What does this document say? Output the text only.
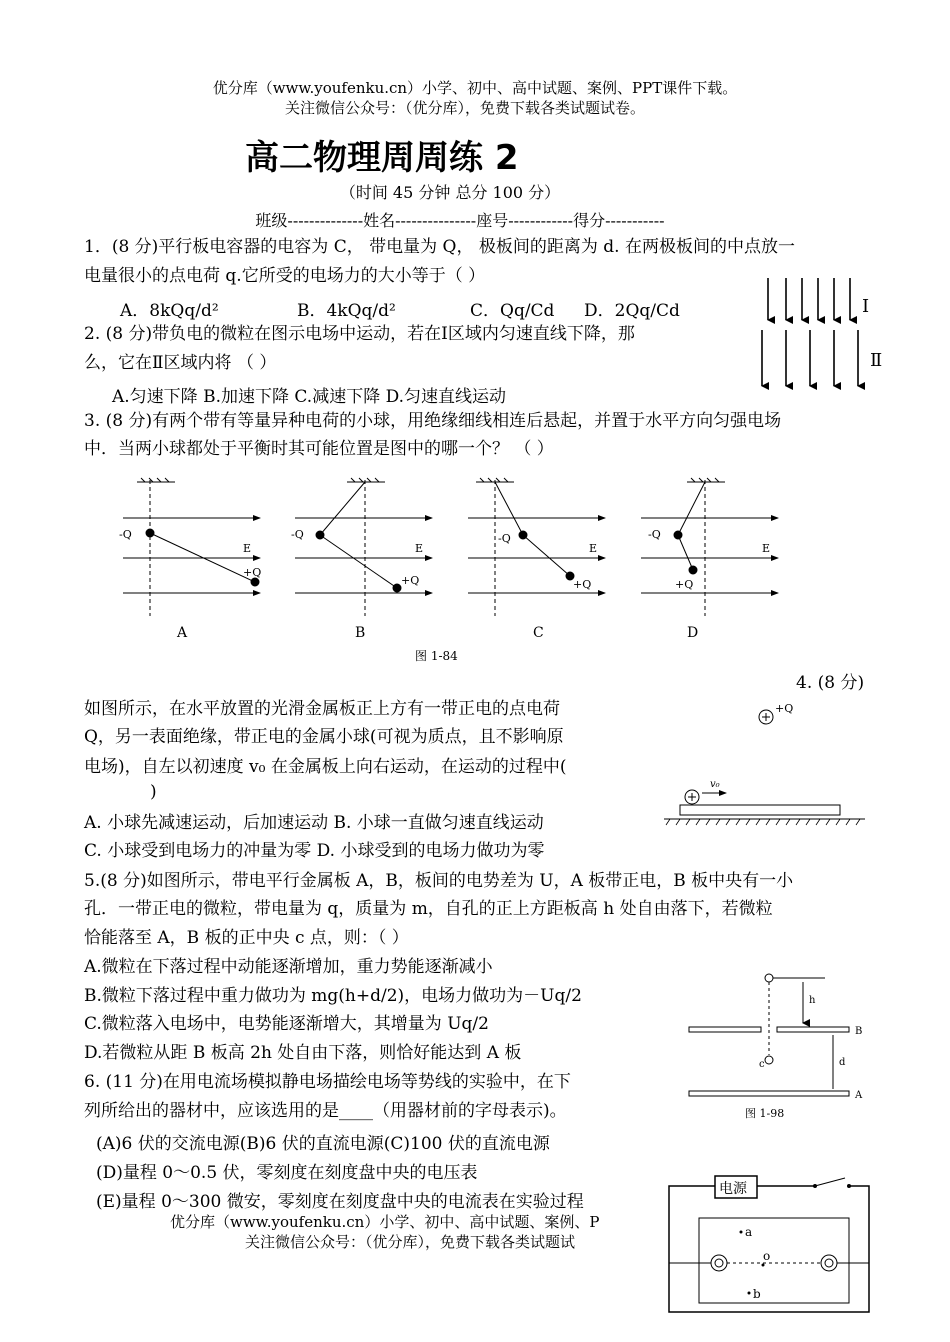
优分库（www.youfenku.cn）小学、初中、高中试题、案例、PPT课件下载。
关注微信公众号：（优分库），免费下载各类试题试卷。
高二物理周周练 2
（时间 45 分钟 总分 100 分）
班级--------------姓名---------------座号------------得分-----------
1．(8 分)平行板电容器的电容为 C， 带电量为 Q， 极板间的距离为 d. 在两极板间的中点放一
电量很小的点电荷 q.它所受的电场力的大小等于（ ）
A．8kQq/d²	B．4kQq/d²	C．Qq/Cd D．2Qq/Cd	Ⅰ
Ⅱ
2. (8 分)带负电的微粒在图示电场中运动，若在Ⅰ区域内匀速直线下降，那
么，它在Ⅱ区域内将 （ ）
A.匀速下降 B.加速下降 C.减速下降 D.匀速直线运动
3. (8 分)有两个带有等量异种电荷的小球，用绝缘细线相连后悬起，并置于水平方向匀强电场
中．当两小球都处于平衡时其可能位置是图中的哪一个？ （ ）
-Q
E
+Q
-Q
E
+Q
-Q
E
+Q
-Q
E
+Q
A	B	C	D
图 1-84
4. (8 分)
如图所示，在水平放置的光滑金属板正上方有一带正电的点电荷
Q，另一表面绝缘，带正电的金属小球(可视为质点，且不影响原
电场)，自左以初速度 v₀ 在金属板上向右运动，在运动的过程中(
)
A. 小球先减速运动，后加速运动 B. 小球一直做匀速直线运动
C. 小球受到电场力的冲量为零 D. 小球受到的电场力做功为零
+Q
v₀
5.(8 分)如图所示，带电平行金属板 A，B，板间的电势差为 U，A 板带正电，B 板中央有一小
孔．一带正电的微粒，带电量为 q，质量为 m，自孔的正上方距板高 h 处自由落下，若微粒
恰能落至 A，B 板的正中央 c 点，则：（ ）
A.微粒在下落过程中动能逐渐增加，重力势能逐渐减小
B.微粒下落过程中重力做功为 mg(h+d/2)，电场力做功为－Uq/2
C.微粒落入电场中，电势能逐渐增大，其增量为 Uq/2
D.若微粒从距 B 板高 2h 处自由下落，则恰好能达到 A 板
c
h
B
d
A
图 1-98
6. (11 分)在用电流场模拟静电场描绘电场等势线的实验中，在下
列所给出的器材中，应该选用的是____（用器材前的字母表示)。
(A)6 伏的交流电源(B)6 伏的直流电源(C)100 伏的直流电源
(D)量程 0～0.5 伏，零刻度在刻度盘中央的电压表
(E)量程 0～300 微安，零刻度在刻度盘中央的电流表在实验过程
电源
a
o
b
优分库（www.youfenku.cn）小学、初中、高中试题、案例、P
关注微信公众号：（优分库），免费下载各类试题试
